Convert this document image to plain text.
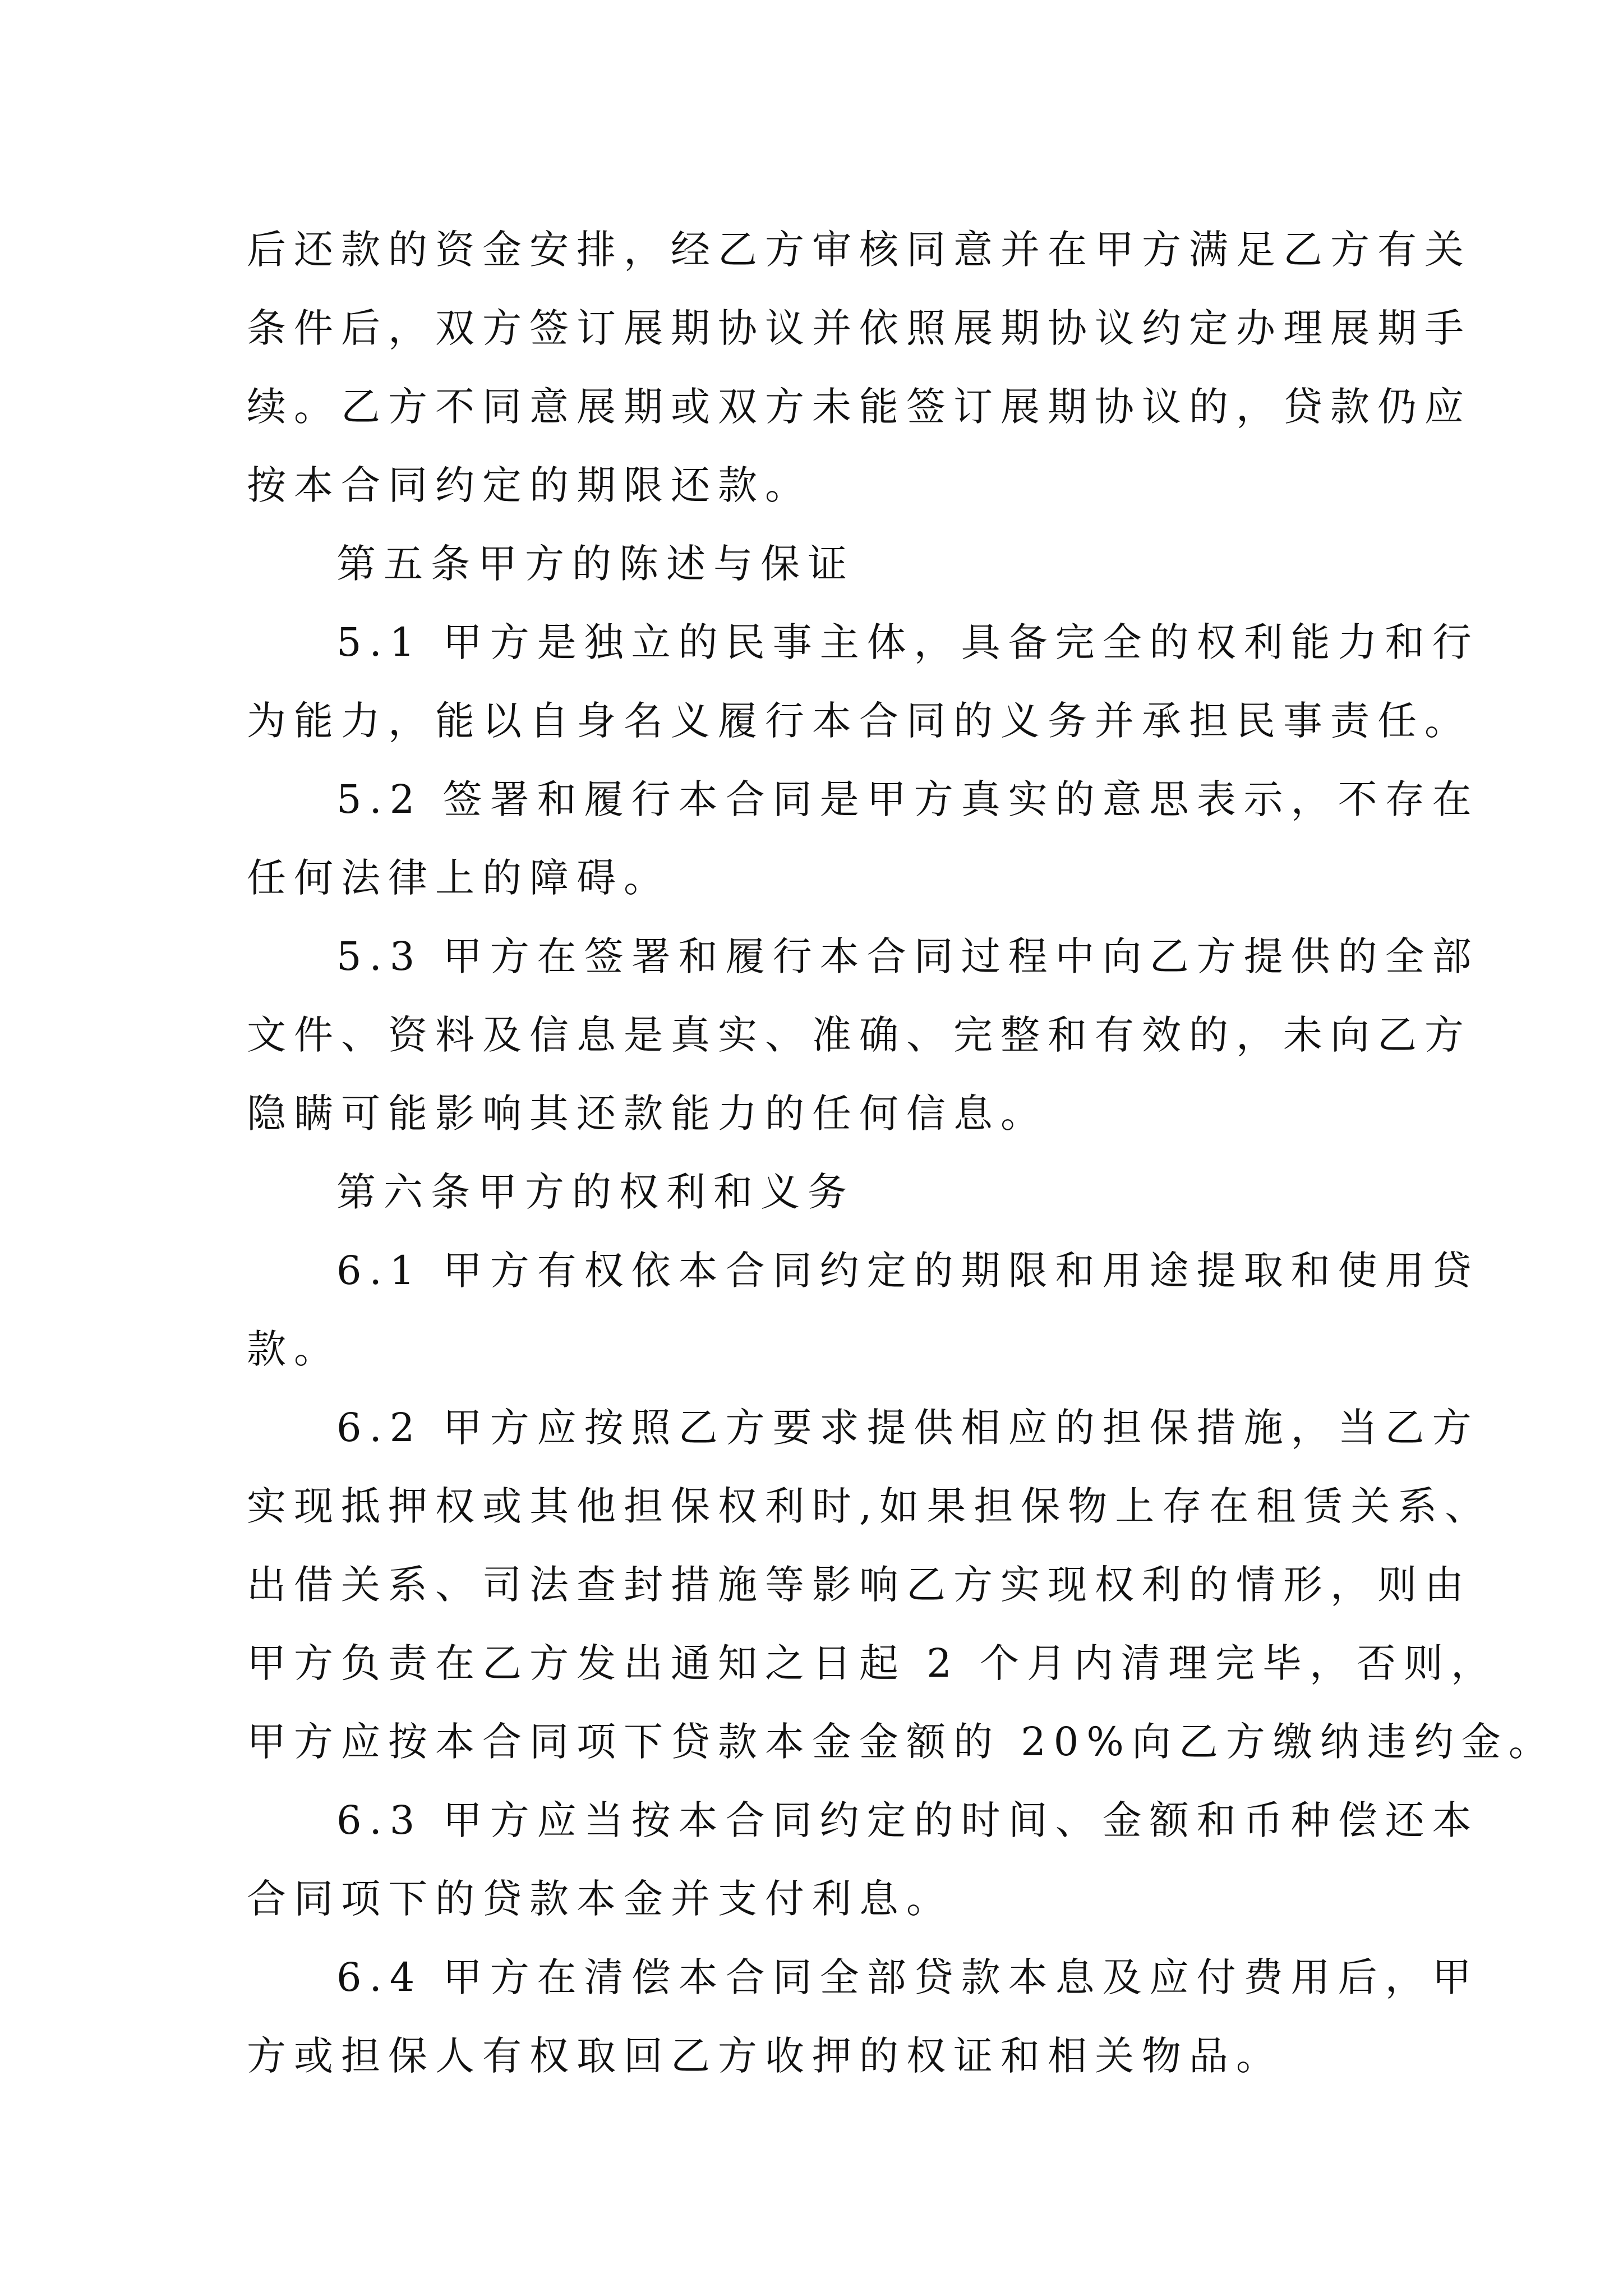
后还款的资金安排，经乙方审核同意并在甲方满足乙方有关
条件后，双方签订展期协议并依照展期协议约定办理展期手
续。乙方不同意展期或双方未能签订展期协议的，贷款仍应
按本合同约定的期限还款。
第五条甲方的陈述与保证
5.1 甲方是独立的民事主体，具备完全的权利能力和行
为能力，能以自身名义履行本合同的义务并承担民事责任。
5.2 签署和履行本合同是甲方真实的意思表示，不存在
任何法律上的障碍。
5.3 甲方在签署和履行本合同过程中向乙方提供的全部
文件、资料及信息是真实、准确、完整和有效的，未向乙方
隐瞒可能影响其还款能力的任何信息。
第六条甲方的权利和义务
6.1 甲方有权依本合同约定的期限和用途提取和使用贷
款。
6.2 甲方应按照乙方要求提供相应的担保措施，当乙方
实现抵押权或其他担保权利时,如果担保物上存在租赁关系、
出借关系、司法查封措施等影响乙方实现权利的情形，则由
甲方负责在乙方发出通知之日起 2 个月内清理完毕，否则，
甲方应按本合同项下贷款本金金额的 20%向乙方缴纳违约金。
6.3 甲方应当按本合同约定的时间、金额和币种偿还本
合同项下的贷款本金并支付利息。
6.4 甲方在清偿本合同全部贷款本息及应付费用后，甲
方或担保人有权取回乙方收押的权证和相关物品。
